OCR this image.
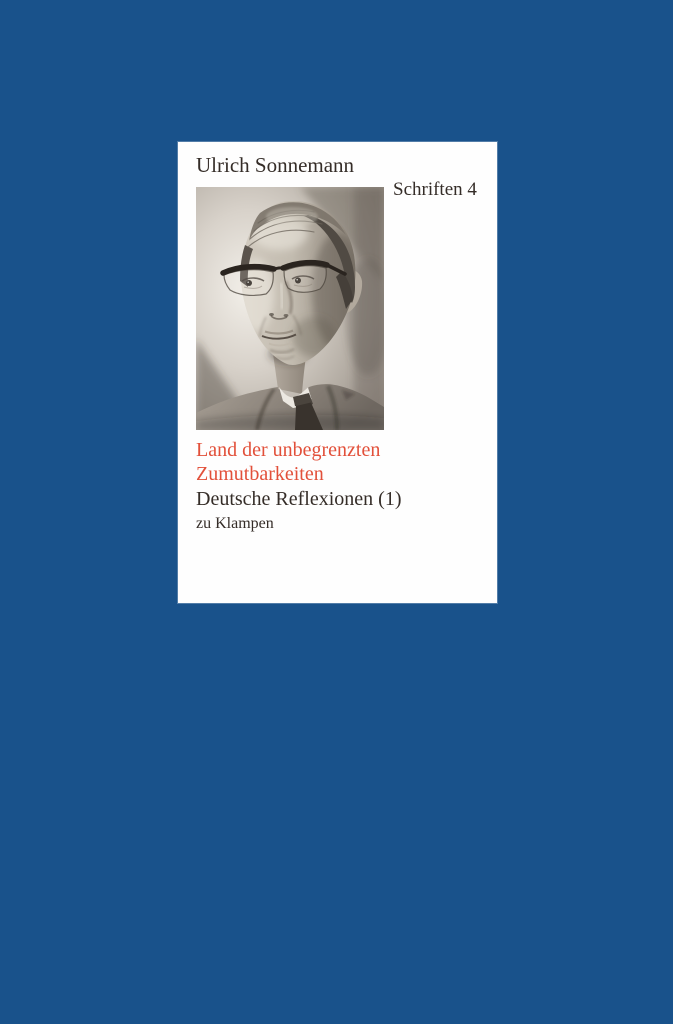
Ulrich Sonnemann
Schriften 4
Land der unbegrenzten
Zumutbarkeiten
Deutsche Reflexionen (1)
zu Klampen
